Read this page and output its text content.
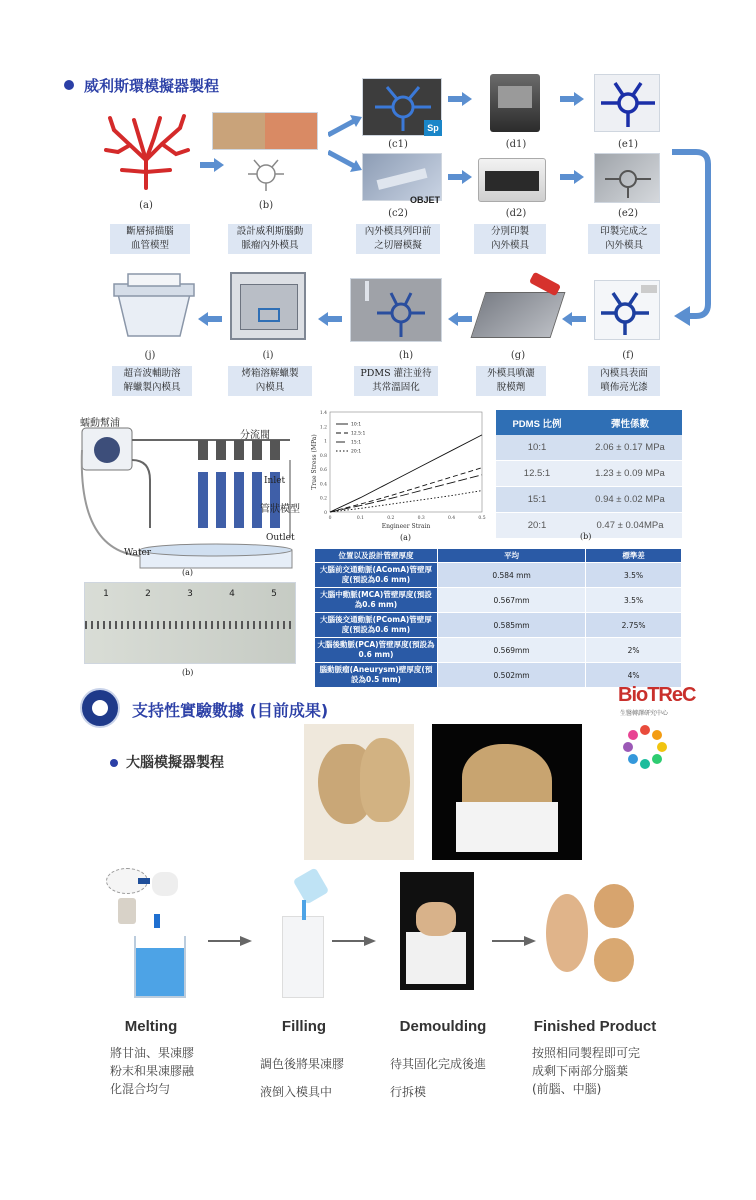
威利斯環模擬器製程
(a)	(b)
Sp
(c1)
OBJET
(c2)
(d1)
(d2)
(e1)
(e2)
斷層掃描腦
血管模型
設計威利斯腦動
脈瘤內外模具
內外模具列印前
之切層模擬
分別印製
內外模具
印製完成之
內外模具
(j)	(i)	(h)	(g)	(f)
超音波輔助溶
解蠟製內模具
烤箱溶解蠟製
內模具
PDMS 灌注並待
其常溫固化
外模具噴灑
脫模劑
內模具表面
噴佈亮光漆
蠕動幫浦
分流閥
Inlet
管狀模型
Outlet
Water
(a)
1	2	3	4	5
(b)
0
0.2
0.4
0.6
0.8
1
1.2
1.4
0	0.1	0.2	0.3	0.4	0.5
Engineer Strain
True Stress (MPa)
10:1
12.5:1
15:1
20:1
(a)
PDMS 比例	彈性係數
10:1	2.06 ± 0.17 MPa
12.5:1	1.23 ± 0.09 MPa
15:1	0.94 ± 0.02 MPa
20:1	0.47 ± 0.04MPa
(b)
位置以及設計管壁厚度	平均	標準差
大腦前交通動脈(AComA)管壁厚度(預設為0.6 mm)	0.584 mm	3.5%
大腦中動脈(MCA)管壁厚度(預設為0.6 mm)	0.567mm	3.5%
大腦後交通動脈(PComA)管壁厚度(預設為0.6 mm)	0.585mm	2.75%
大腦後動脈(PCA)管壁厚度(預設為0.6 mm)	0.569mm	2%
腦動脈瘤(Aneurysm)壁厚度(預設為0.5 mm)	0.502mm	4%
支持性實驗數據 (目前成果)
BioTReC
生醫轉譯研究中心
大腦模擬器製程
Melting
將甘油、果凍膠
粉末和果凍膠融
化混合均勻
Filling
調色後將果凍膠
液倒入模具中
Demoulding
待其固化完成後進
行拆模
Finished Product
按照相同製程即可完
成剩下兩部分腦葉
(前腦、中腦)
